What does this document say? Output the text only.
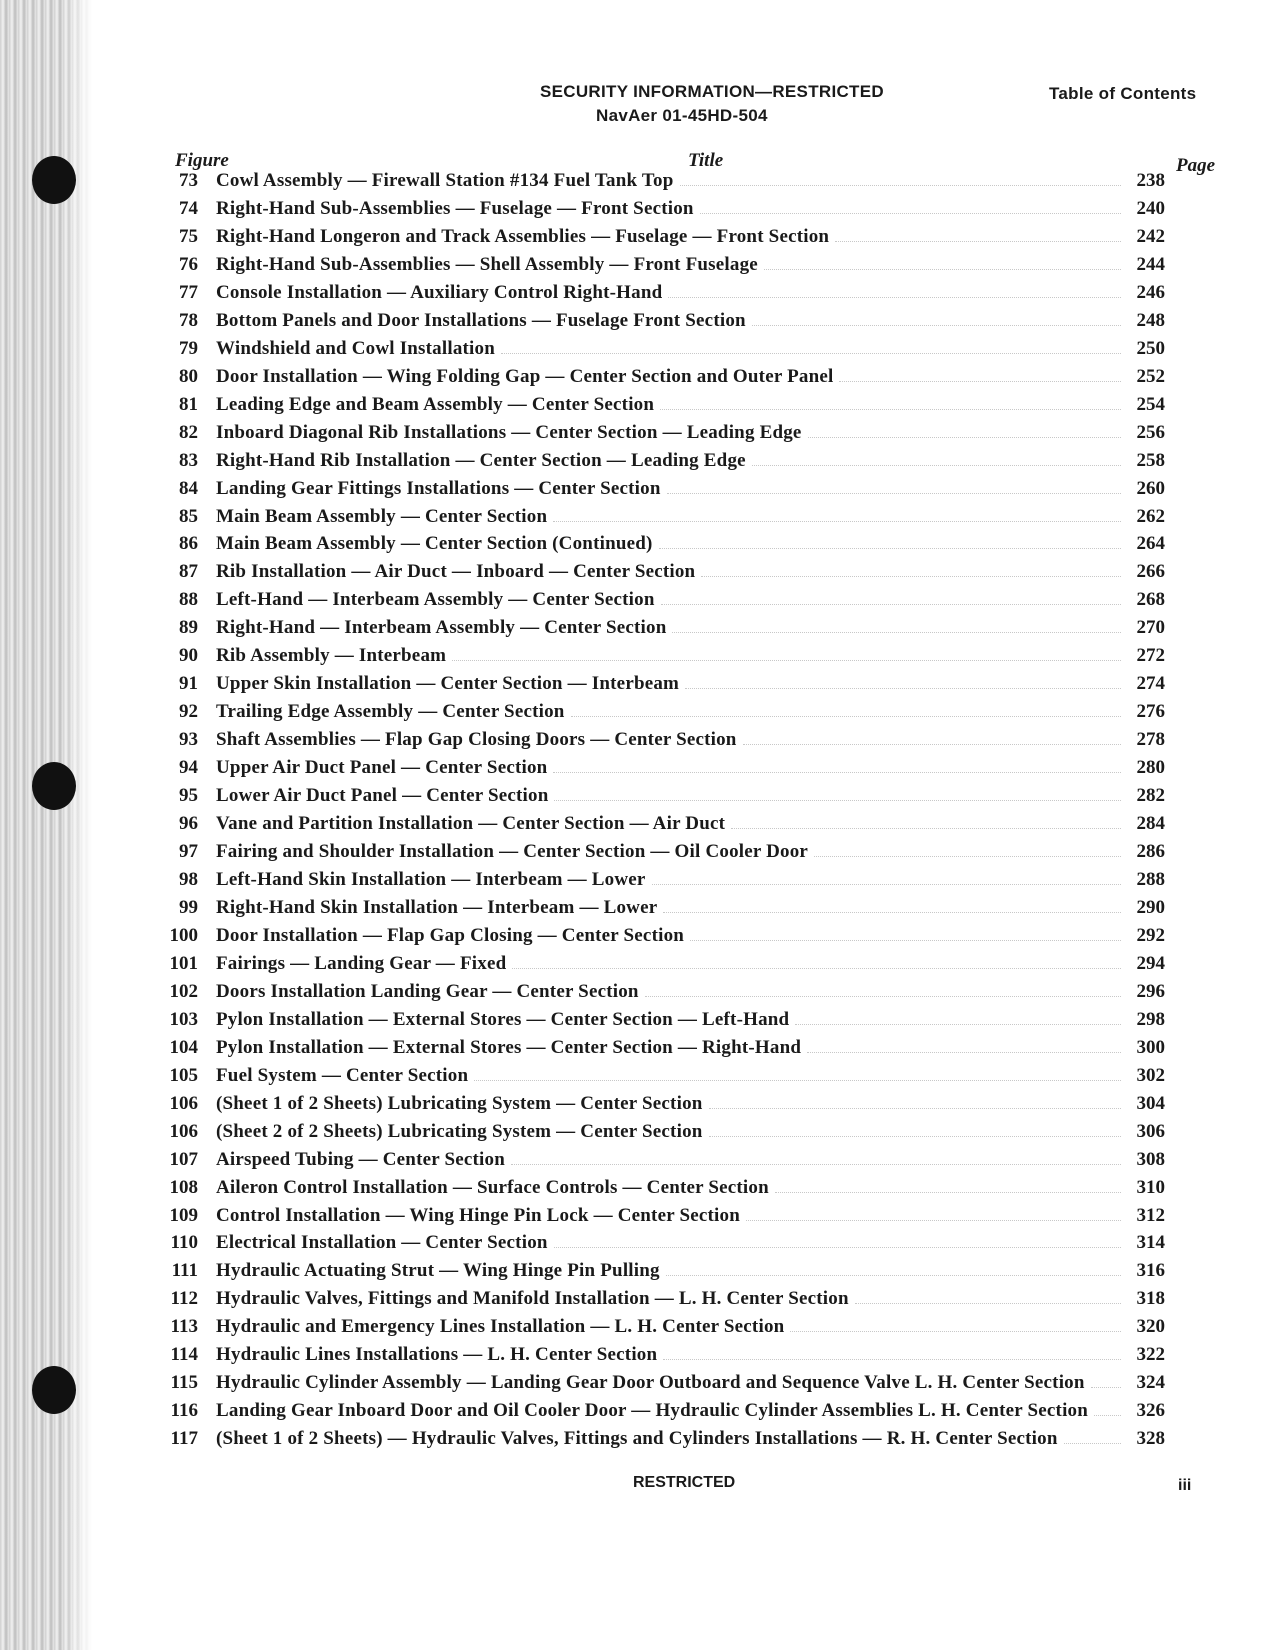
SECURITY INFORMATION—RESTRICTED
NavAer 01-45HD-504
Table of Contents
Figure	Title	Page
73 Cowl Assembly — Firewall Station #134 Fuel Tank Top	238
74 Right-Hand Sub-Assemblies — Fuselage — Front Section	240
75 Right-Hand Longeron and Track Assemblies — Fuselage — Front Section	242
76 Right-Hand Sub-Assemblies — Shell Assembly — Front Fuselage	244
77 Console Installation — Auxiliary Control Right-Hand	246
78 Bottom Panels and Door Installations — Fuselage Front Section	248
79 Windshield and Cowl Installation	250
80 Door Installation — Wing Folding Gap — Center Section and Outer Panel	252
81 Leading Edge and Beam Assembly — Center Section	254
82 Inboard Diagonal Rib Installations — Center Section — Leading Edge	256
83 Right-Hand Rib Installation — Center Section — Leading Edge	258
84 Landing Gear Fittings Installations — Center Section	260
85 Main Beam Assembly — Center Section	262
86 Main Beam Assembly — Center Section (Continued)	264
87 Rib Installation — Air Duct — Inboard — Center Section	266
88 Left-Hand — Interbeam Assembly — Center Section	268
89 Right-Hand — Interbeam Assembly — Center Section	270
90 Rib Assembly — Interbeam	272
91 Upper Skin Installation — Center Section — Interbeam	274
92 Trailing Edge Assembly — Center Section	276
93 Shaft Assemblies — Flap Gap Closing Doors — Center Section	278
94 Upper Air Duct Panel — Center Section	280
95 Lower Air Duct Panel — Center Section	282
96 Vane and Partition Installation — Center Section — Air Duct	284
97 Fairing and Shoulder Installation — Center Section — Oil Cooler Door	286
98 Left-Hand Skin Installation — Interbeam — Lower	288
99 Right-Hand Skin Installation — Interbeam — Lower	290
100 Door Installation — Flap Gap Closing — Center Section	292
101 Fairings — Landing Gear — Fixed	294
102 Doors Installation Landing Gear — Center Section	296
103 Pylon Installation — External Stores — Center Section — Left-Hand	298
104 Pylon Installation — External Stores — Center Section — Right-Hand	300
105 Fuel System — Center Section	302
106 (Sheet 1 of 2 Sheets) Lubricating System — Center Section	304
106 (Sheet 2 of 2 Sheets) Lubricating System — Center Section	306
107 Airspeed Tubing — Center Section	308
108 Aileron Control Installation — Surface Controls — Center Section	310
109 Control Installation — Wing Hinge Pin Lock — Center Section	312
110 Electrical Installation — Center Section	314
111 Hydraulic Actuating Strut — Wing Hinge Pin Pulling	316
112 Hydraulic Valves, Fittings and Manifold Installation — L. H. Center Section	318
113 Hydraulic and Emergency Lines Installation — L. H. Center Section	320
114 Hydraulic Lines Installations — L. H. Center Section	322
115 Hydraulic Cylinder Assembly — Landing Gear Door Outboard and Sequence Valve L. H. Center Section	324
116 Landing Gear Inboard Door and Oil Cooler Door — Hydraulic Cylinder Assemblies L. H. Center Section	326
117 (Sheet 1 of 2 Sheets) — Hydraulic Valves, Fittings and Cylinders Installations — R. H. Center Section	328
RESTRICTED	iii
